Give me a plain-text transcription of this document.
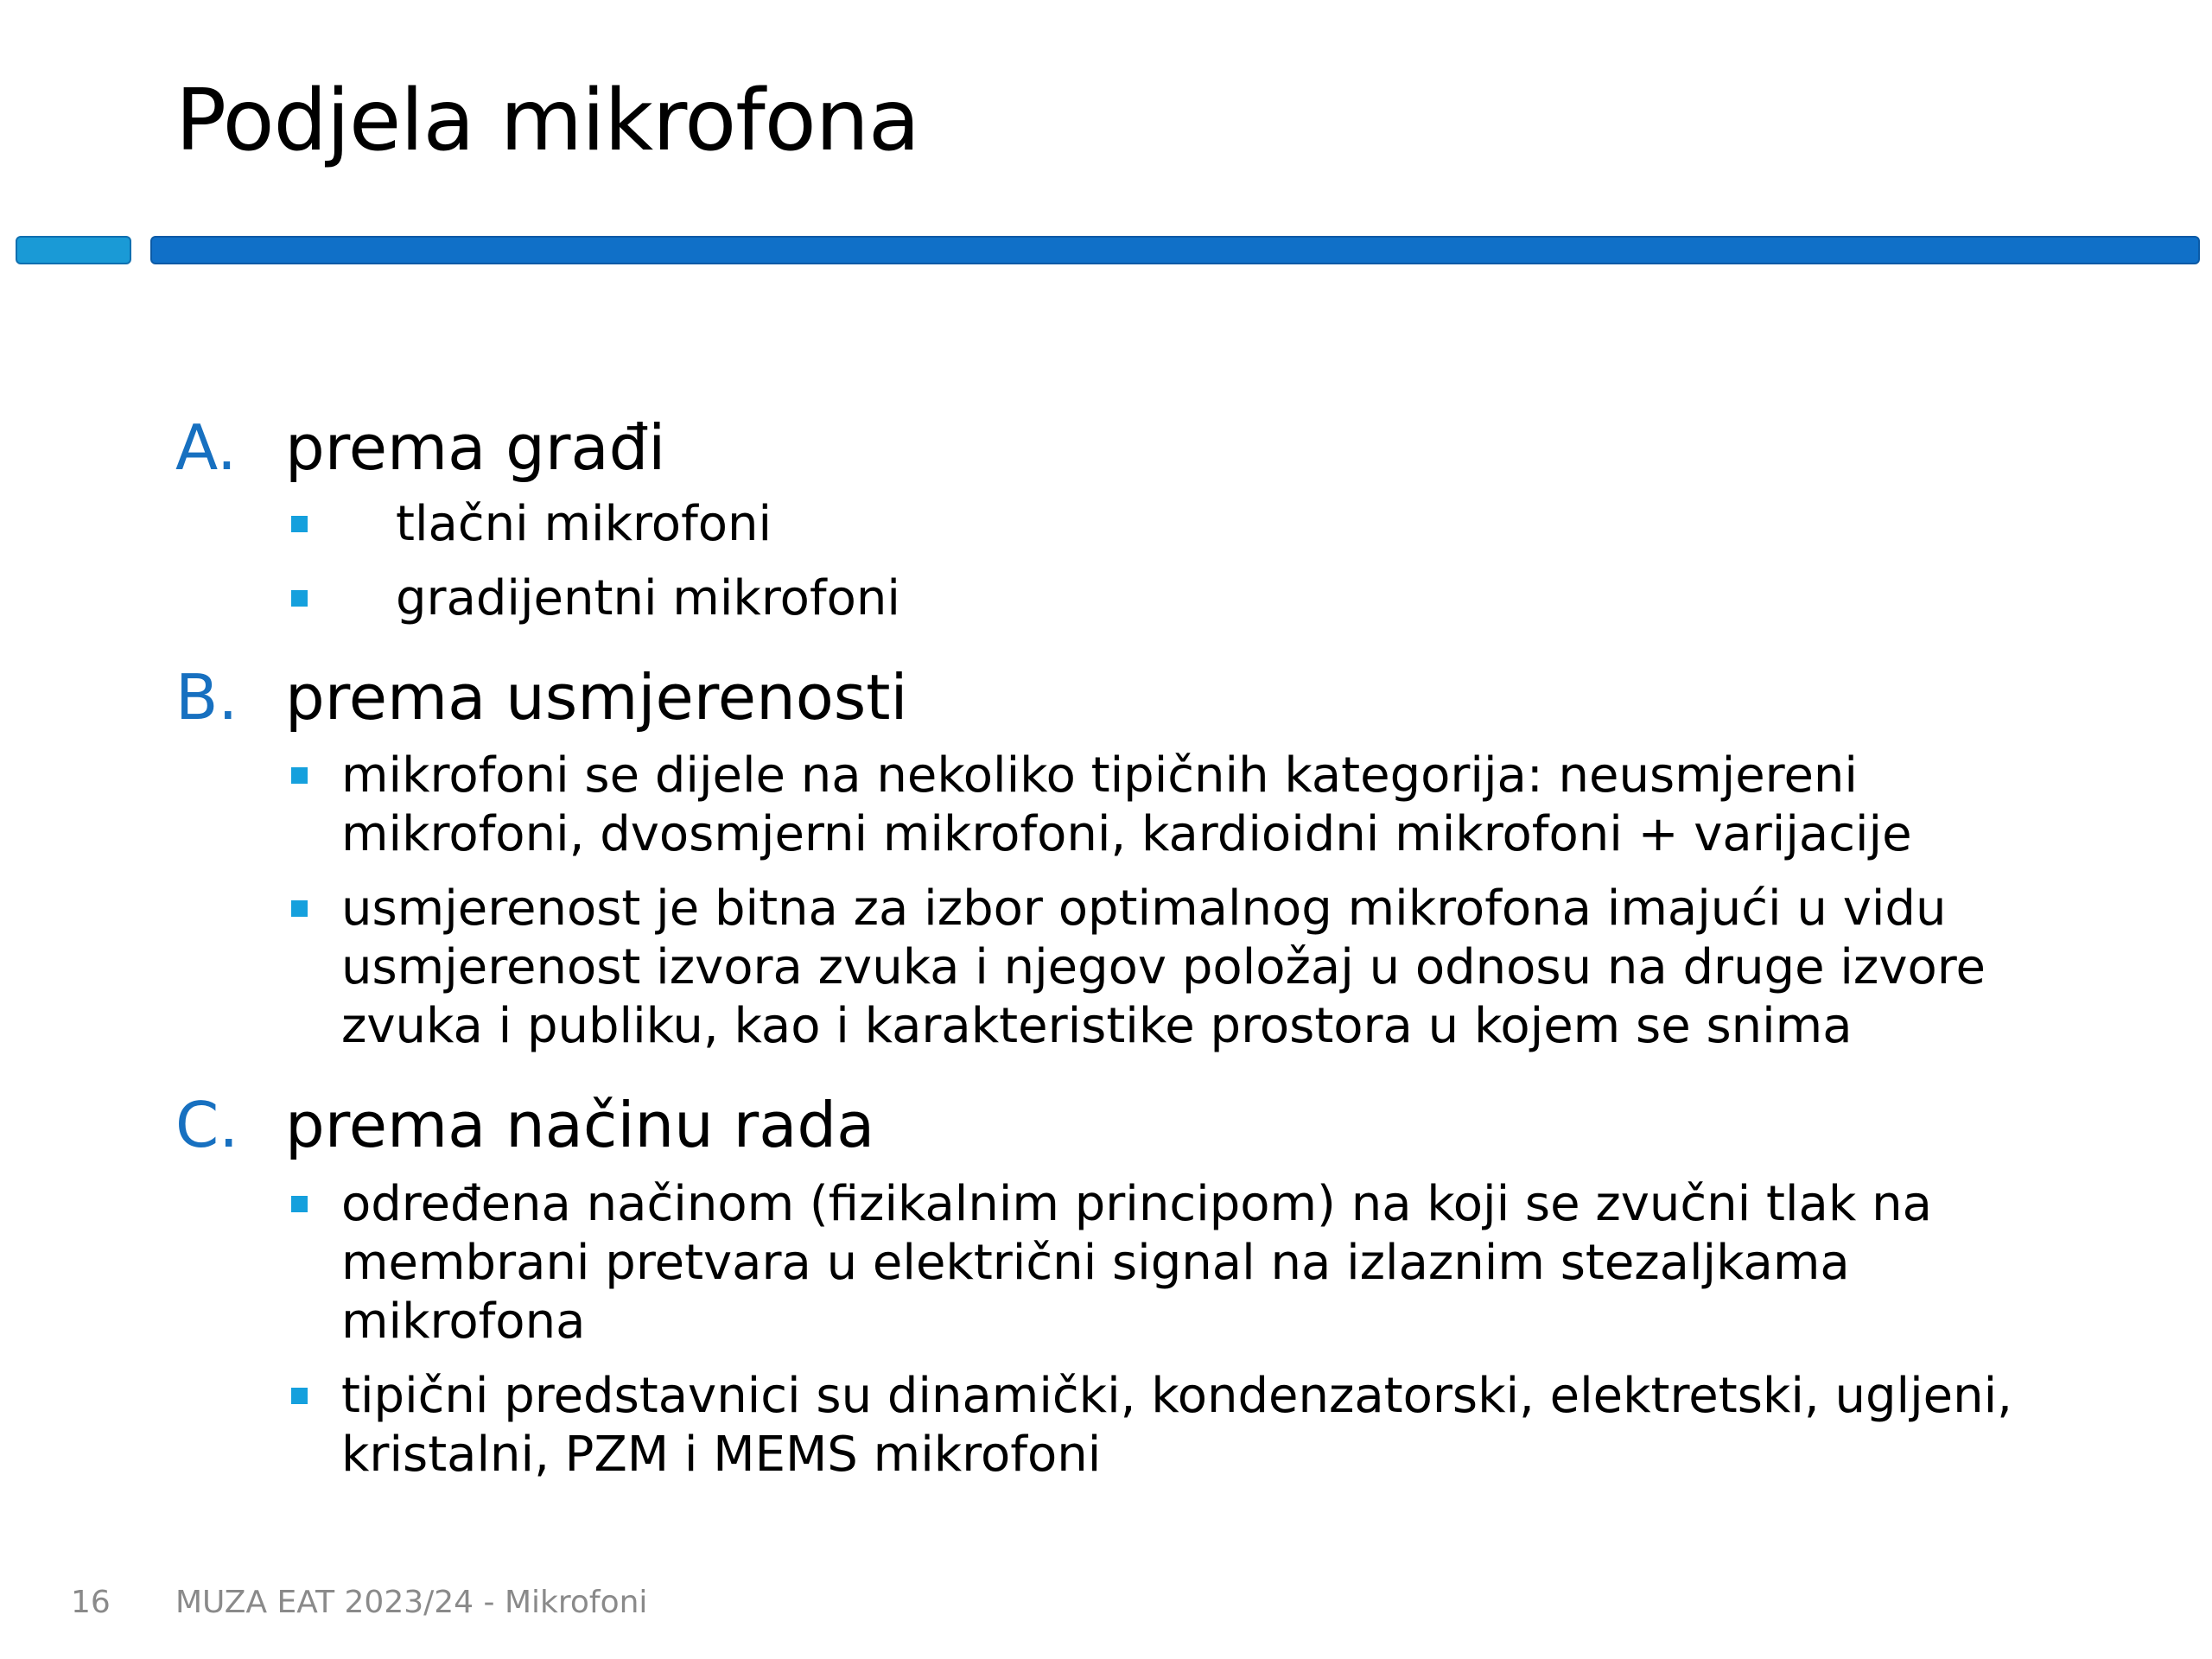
Podjela mikrofona
A. prema građi
tlačni mikrofoni
gradijentni mikrofoni
B. prema usmjerenosti
mikrofoni se dijele na nekoliko tipičnih kategorija: neusmjereni
mikrofoni, dvosmjerni mikrofoni, kardioidni mikrofoni + varijacije
usmjerenost je bitna za izbor optimalnog mikrofona imajući u vidu
usmjerenost izvora zvuka i njegov položaj u odnosu na druge izvore
zvuka i publiku, kao i karakteristike prostora u kojem se snima
C. prema načinu rada
određena načinom (fizikalnim principom) na koji se zvučni tlak na
membrani pretvara u električni signal na izlaznim stezaljkama
mikrofona
tipični predstavnici su dinamički, kondenzatorski, elektretski, ugljeni,
kristalni, PZM i MEMS mikrofoni
16 MUZA EAT 2023/24 - Mikrofoni
